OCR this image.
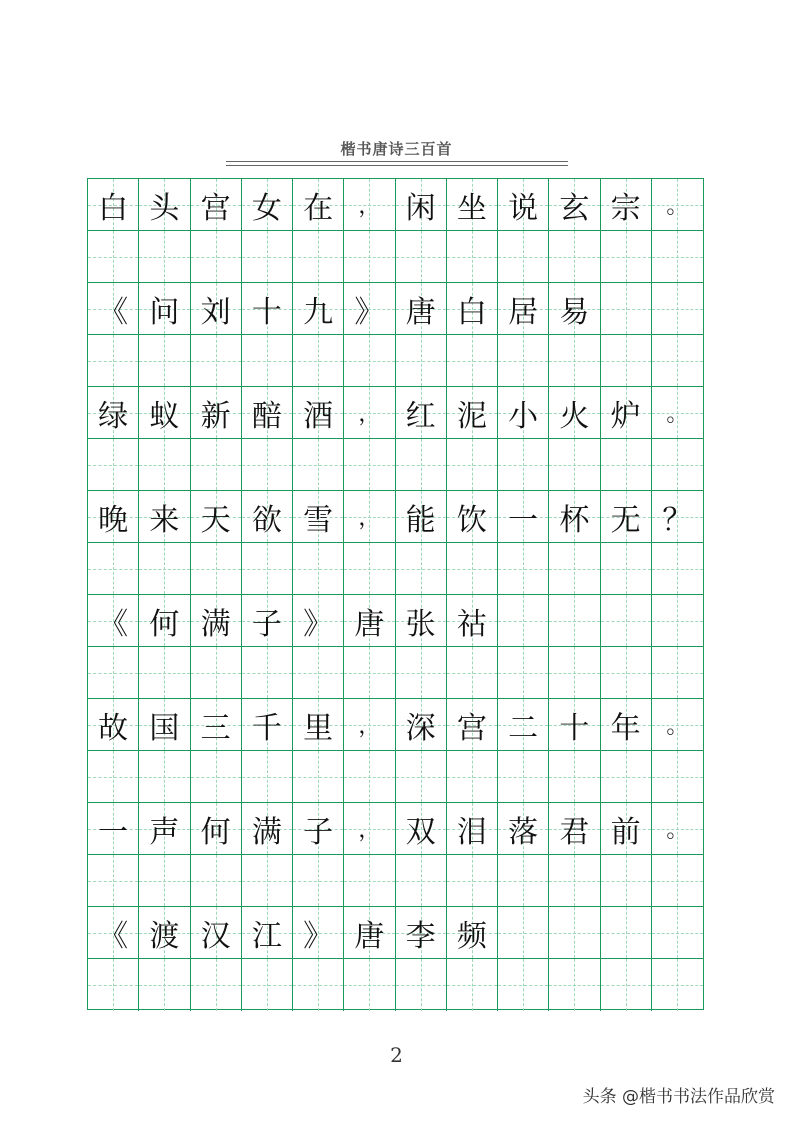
楷书唐诗三百首
白 头 宫 女 在 ， 闲 坐 说 玄 宗 。
《 问 刘 十 九 》 唐 白 居 易
绿 蚁 新 醅 酒 ， 红 泥 小 火 炉 。
晚 来 天 欲 雪 ， 能 饮 一 杯 无 ？
《 何 满 子 》 唐 张 祜
故 国 三 千 里 ， 深 宫 二 十 年 。
一 声 何 满 子 ， 双 泪 落 君 前 。
《 渡 汉 江 》 唐 李 频
2
头条 @楷书书法作品欣赏
